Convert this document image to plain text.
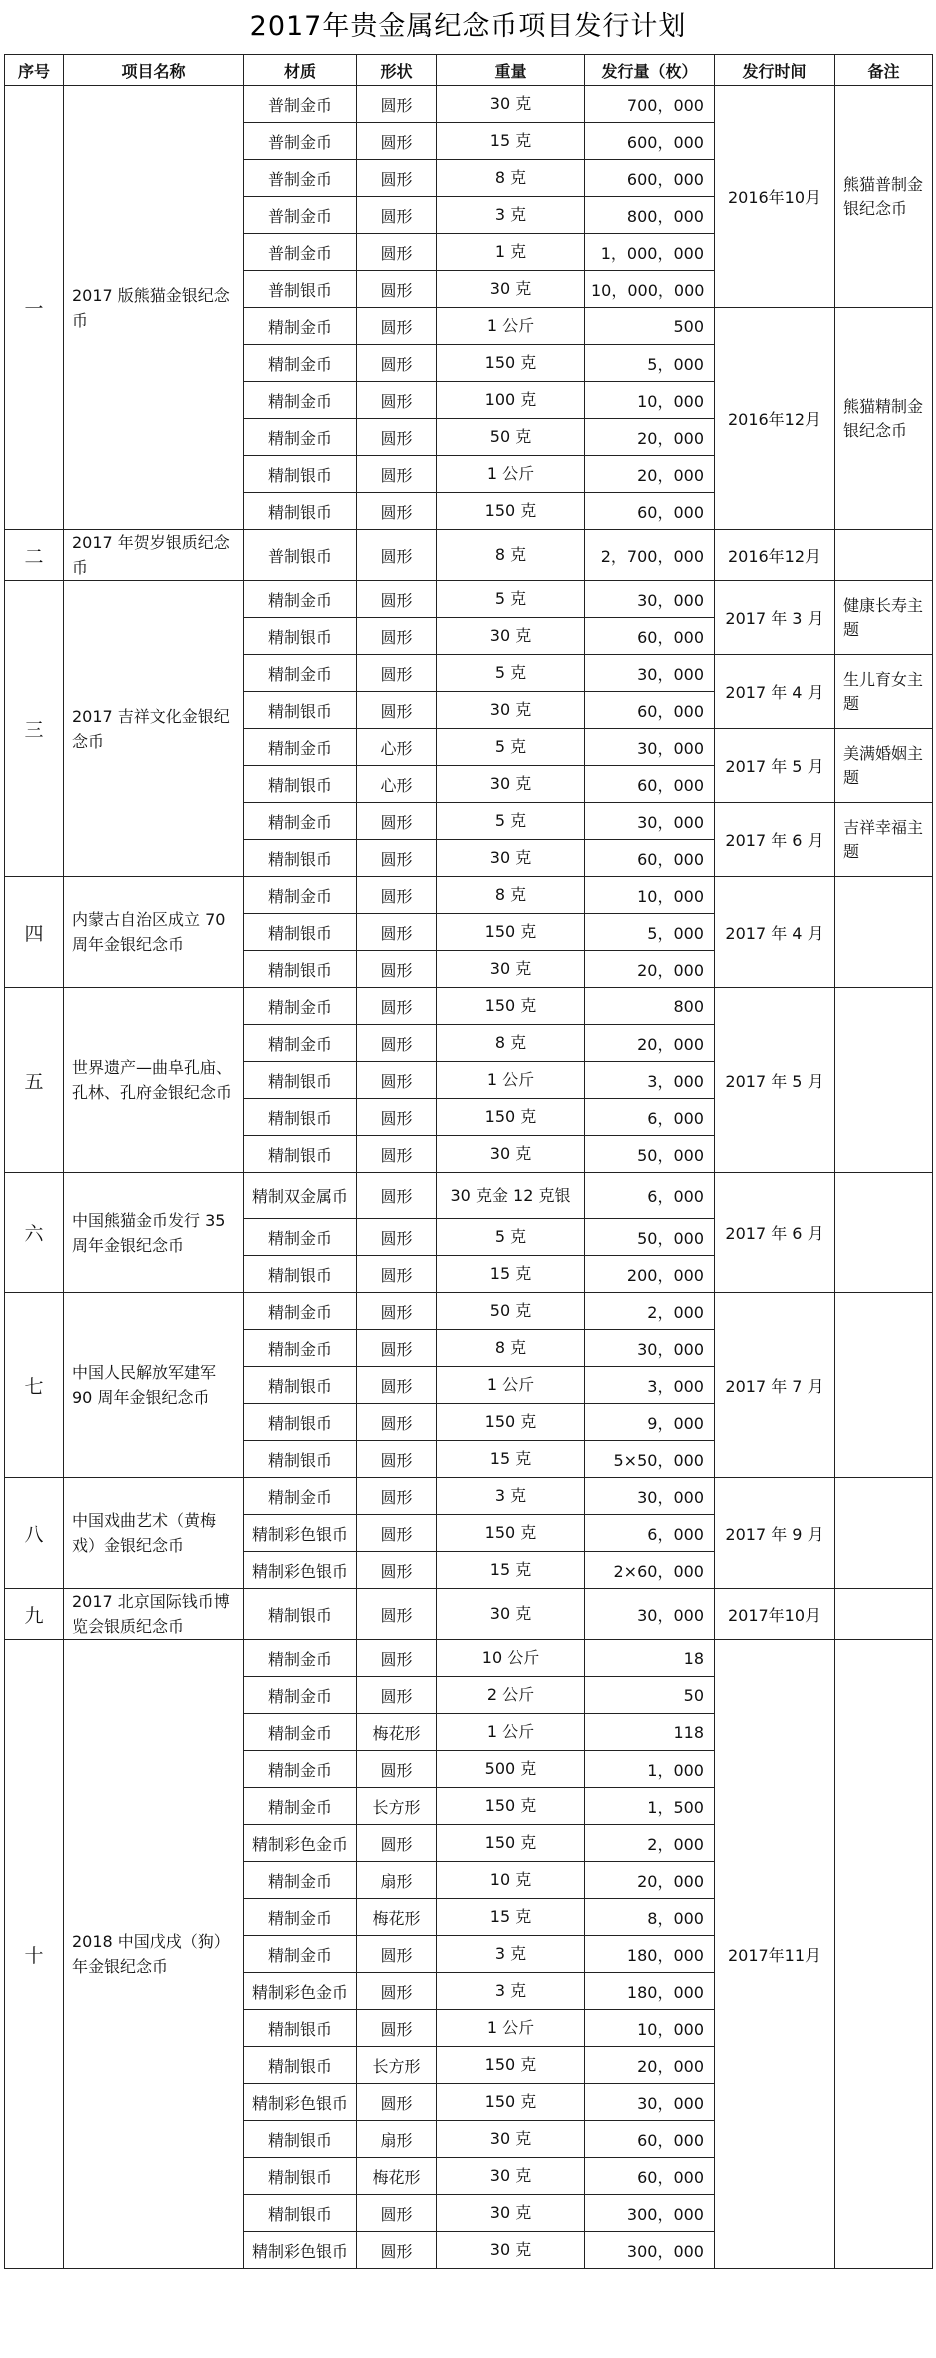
2017年贵金属纪念币项目发行计划
序号	项目名称	材质	形状	重量	发行量（枚）	发行时间	备注
一	2017 版熊猫金银纪念币	普制金币	圆形	30 克	700，000	2016年10月	熊猫普制金银纪念币
		普制金币	圆形	15 克	600，000		
		普制金币	圆形	8 克	600，000		
		普制金币	圆形	3 克	800，000		
		普制金币	圆形	1 克	1，000，000		
		普制银币	圆形	30 克	10，000，000		
		精制金币	圆形	1 公斤	500	2016年12月	熊猫精制金银纪念币
		精制金币	圆形	150 克	5，000		
		精制金币	圆形	100 克	10，000		
		精制金币	圆形	50 克	20，000		
		精制银币	圆形	1 公斤	20，000		
		精制银币	圆形	150 克	60，000		
二	2017 年贺岁银质纪念币	普制银币	圆形	8 克	2，700，000	2016年12月	
三	2017 吉祥文化金银纪念币	精制金币	圆形	5 克	30，000	2017 年 3 月	健康长寿主题
		精制银币	圆形	30 克	60，000		
		精制金币	圆形	5 克	30，000	2017 年 4 月	生儿育女主题
		精制银币	圆形	30 克	60，000		
		精制金币	心形	5 克	30，000	2017 年 5 月	美满婚姻主题
		精制银币	心形	30 克	60，000		
		精制金币	圆形	5 克	30，000	2017 年 6 月	吉祥幸福主题
		精制银币	圆形	30 克	60，000		
四	内蒙古自治区成立 70 周年金银纪念币	精制金币	圆形	8 克	10，000	2017 年 4 月	
		精制银币	圆形	150 克	5，000		
		精制银币	圆形	30 克	20，000		
五	世界遗产—曲阜孔庙、孔林、孔府金银纪念币	精制金币	圆形	150 克	800	2017 年 5 月	
		精制金币	圆形	8 克	20，000		
		精制银币	圆形	1 公斤	3，000		
		精制银币	圆形	150 克	6，000		
		精制银币	圆形	30 克	50，000		
六	中国熊猫金币发行 35 周年金银纪念币	精制双金属币	圆形	30 克金 12 克银	6，000	2017 年 6 月	
		精制金币	圆形	5 克	50，000		
		精制银币	圆形	15 克	200，000		
七	中国人民解放军建军 90 周年金银纪念币	精制金币	圆形	50 克	2，000	2017 年 7 月	
		精制金币	圆形	8 克	30，000		
		精制银币	圆形	1 公斤	3，000		
		精制银币	圆形	150 克	9，000		
		精制银币	圆形	15 克	5×50，000		
八	中国戏曲艺术（黄梅戏）金银纪念币	精制金币	圆形	3 克	30，000	2017 年 9 月	
		精制彩色银币	圆形	150 克	6，000		
		精制彩色银币	圆形	15 克	2×60，000		
九	2017 北京国际钱币博览会银质纪念币	精制银币	圆形	30 克	30，000	2017年10月	
十	2018 中国戊戌（狗）年金银纪念币	精制金币	圆形	10 公斤	18	2017年11月	
		精制金币	圆形	2 公斤	50		
		精制金币	梅花形	1 公斤	118		
		精制金币	圆形	500 克	1，000		
		精制金币	长方形	150 克	1，500		
		精制彩色金币	圆形	150 克	2，000		
		精制金币	扇形	10 克	20，000		
		精制金币	梅花形	15 克	8，000		
		精制金币	圆形	3 克	180，000		
		精制彩色金币	圆形	3 克	180，000		
		精制银币	圆形	1 公斤	10，000		
		精制银币	长方形	150 克	20，000		
		精制彩色银币	圆形	150 克	30，000		
		精制银币	扇形	30 克	60，000		
		精制银币	梅花形	30 克	60，000		
		精制银币	圆形	30 克	300，000		
		精制彩色银币	圆形	30 克	300，000		
